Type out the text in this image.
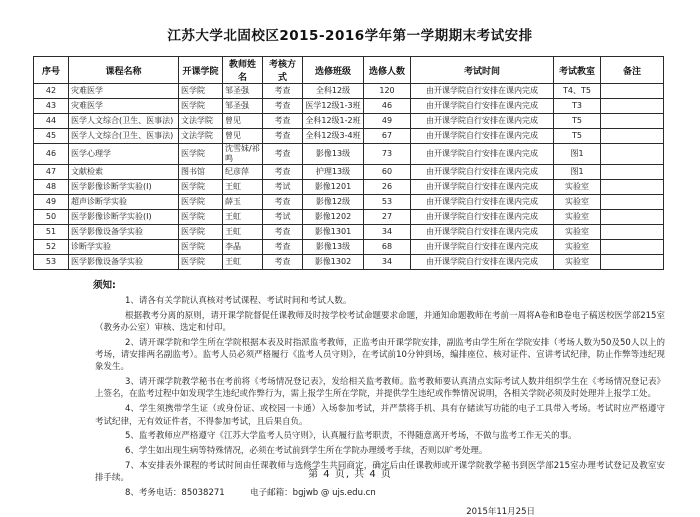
江苏大学北固校区2015-2016学年第一学期期末考试安排
序号	课程名称	开课学院	教师姓名	考核方式	选修班级	选修人数	考试时间	考试教室	备注
42	灾难医学	医学院	邹圣强	考查	全科12级	120	由开课学院自行安排在课内完成	T4、T5	
43	灾难医学	医学院	邹圣强	考查	医学12级1-3班	46	由开课学院自行安排在课内完成	T3	
44	医学人文综合(卫生、医事法)	文法学院	曾见	考查	全科12级1-2班	49	由开课学院自行安排在课内完成	T5	
45	医学人文综合(卫生、医事法)	文法学院	曾见	考查	全科12级3-4班	67	由开课学院自行安排在课内完成	T5	
46	医学心理学	医学院	沈雪妹/祁鸣	考查	影像13级	73	由开课学院自行安排在课内完成	图1	
47	文献检索	图书馆	纪彦萍	考查	护理13级	60	由开课学院自行安排在课内完成	图1	
48	医学影像诊断学实验(Ⅰ)	医学院	王虹	考试	影像1201	26	由开课学院自行安排在课内完成	实验室	
49	超声诊断学实验	医学院	薛玉	考查	影像12级	53	由开课学院自行安排在课内完成	实验室	
50	医学影像诊断学实验(Ⅰ)	医学院	王虹	考试	影像1202	27	由开课学院自行安排在课内完成	实验室	
51	医学影像设备学实验	医学院	王虹	考查	影像1301	34	由开课学院自行安排在课内完成	实验室	
52	诊断学实验	医学院	李晶	考查	影像13级	68	由开课学院自行安排在课内完成	实验室	
53	医学影像设备学实验	医学院	王虹	考查	影像1302	34	由开课学院自行安排在课内完成	实验室	
须知:

1、请各有关学院认真核对考试课程、考试时间和考试人数。

根据教考分离的原则，请开课学院督促任课教师及时按学校考试命题要求命题，并通知命题教师在考前一周将A卷和B卷电子稿送校医学部215室（教务办公室）审核、选定和付印。

2、请开课学院和学生所在学院根据本表及时指派监考教师，正监考由开课学院安排，副监考由学生所在学院安排（考场人数为50及50人以上的考场，请安排两名副监考）。监考人员必须严格履行《监考人员守则》，在考试前10分钟到场，编排座位、核对证件、宣讲考试纪律，防止作弊等违纪现象发生。

3、请开课学院教学秘书在考前将《考场情况登记表》，发给相关监考教师。监考教师要认真清点实际考试人数并组织学生在《考场情况登记表》上签名，在监考过程中如发现学生违纪或作弊行为，需上报学生所在学院，并提供学生违纪或作弊情况说明，各相关学院必须及时处理并上报学工处。

4、学生须携带学生证（或身份证、或校园一卡通）入场参加考试，并严禁将手机、具有存储读写功能的电子工具带入考场。考试时应严格遵守考试纪律，无有效证件者，不得参加考试，且后果自负。

5、监考教师应严格遵守《江苏大学监考人员守则》，认真履行监考职责，不得随意离开考场，不做与监考工作无关的事。

6、学生如出现生病等特殊情况，必须在考试前到学生所在学院办理缓考手续，否则以旷考处理。

7、本安排表外课程的考试时间由任课教师与选修学生共同商定，确定后由任课教师或开课学院教学秘书到医学部215室办理考试登记及教室安排手续。

8、考务电话：85038271　　　电子邮箱：bgjwb @ ujs.edu.cn

2015年11月25日
第 4 页, 共 4 页
